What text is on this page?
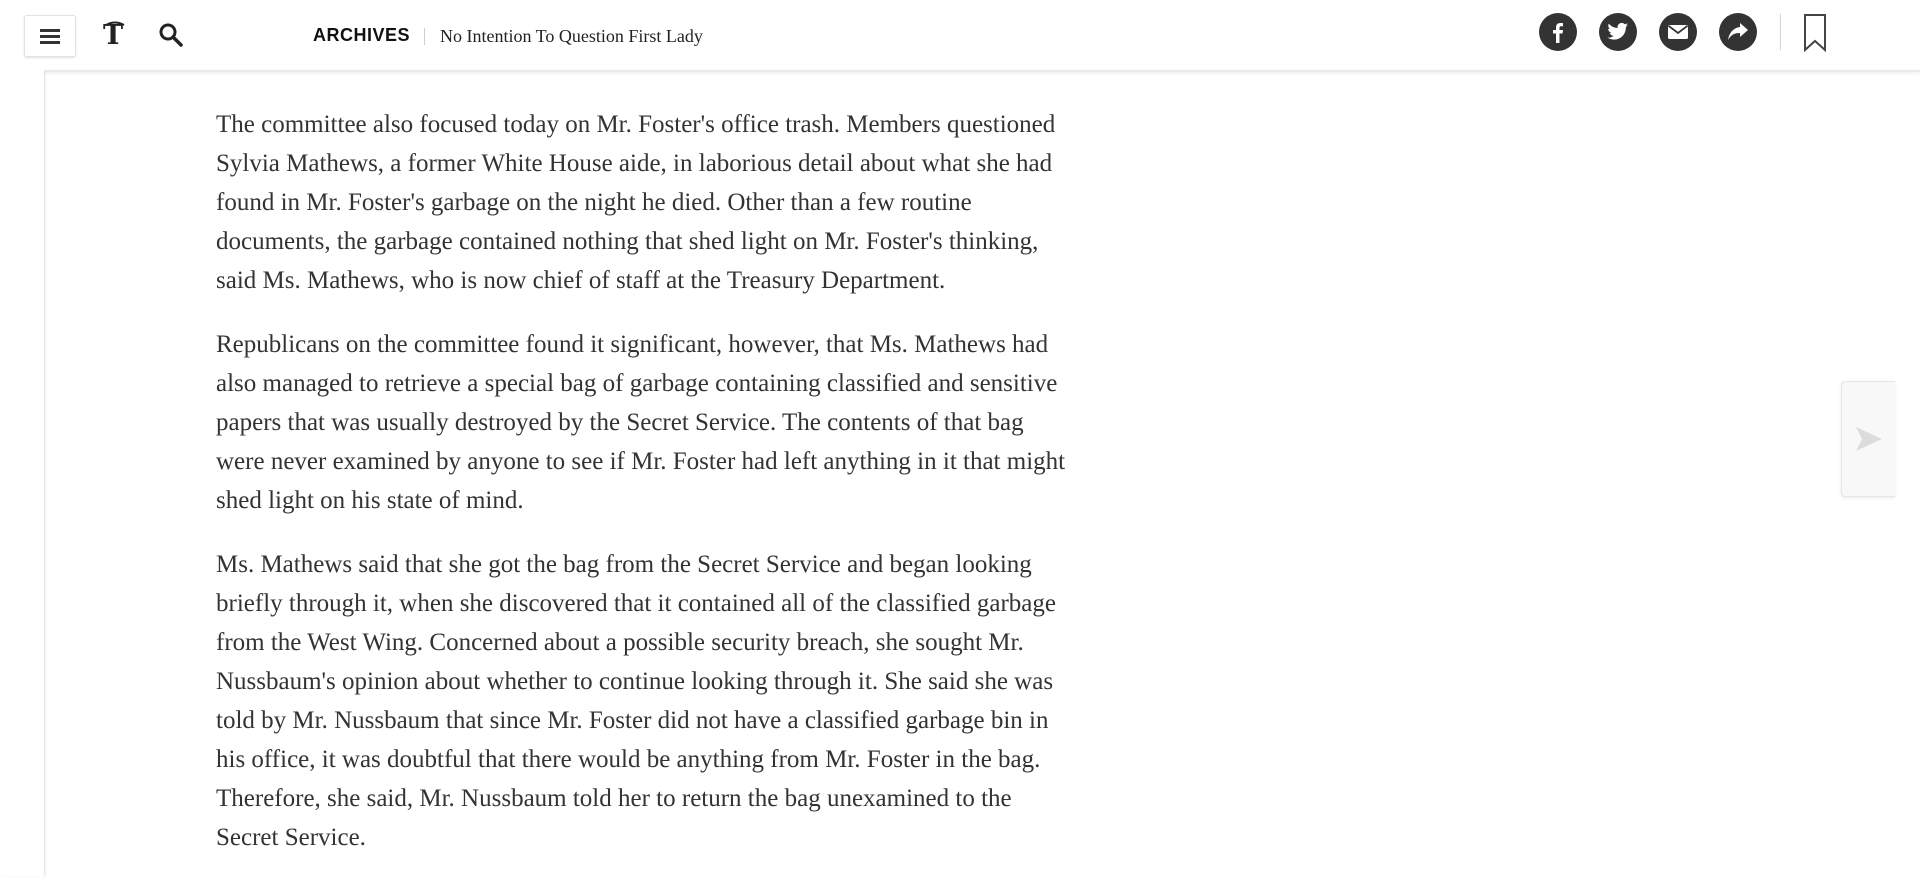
T	ARCHIVES No Intention To Question First Lady

The committee also focused today on Mr. Foster's office trash. Members questioned Sylvia Mathews, a former White House aide, in laborious detail about what she had found in Mr. Foster's garbage on the night he died. Other than a few routine documents, the garbage contained nothing that shed light on Mr. Foster's thinking, said Ms. Mathews, who is now chief of staff at the Treasury Department.

Republicans on the committee found it significant, however, that Ms. Mathews had also managed to retrieve a special bag of garbage containing classified and sensitive papers that was usually destroyed by the Secret Service. The contents of that bag were never examined by anyone to see if Mr. Foster had left anything in it that might shed light on his state of mind.

Ms. Mathews said that she got the bag from the Secret Service and began looking briefly through it, when she discovered that it contained all of the classified garbage from the West Wing. Concerned about a possible security breach, she sought Mr. Nussbaum's opinion about whether to continue looking through it. She said she was told by Mr. Nussbaum that since Mr. Foster did not have a classified garbage bin in his office, it was doubtful that there would be anything from Mr. Foster in the bag. Therefore, she said, Mr. Nussbaum told her to return the bag unexamined to the Secret Service.
